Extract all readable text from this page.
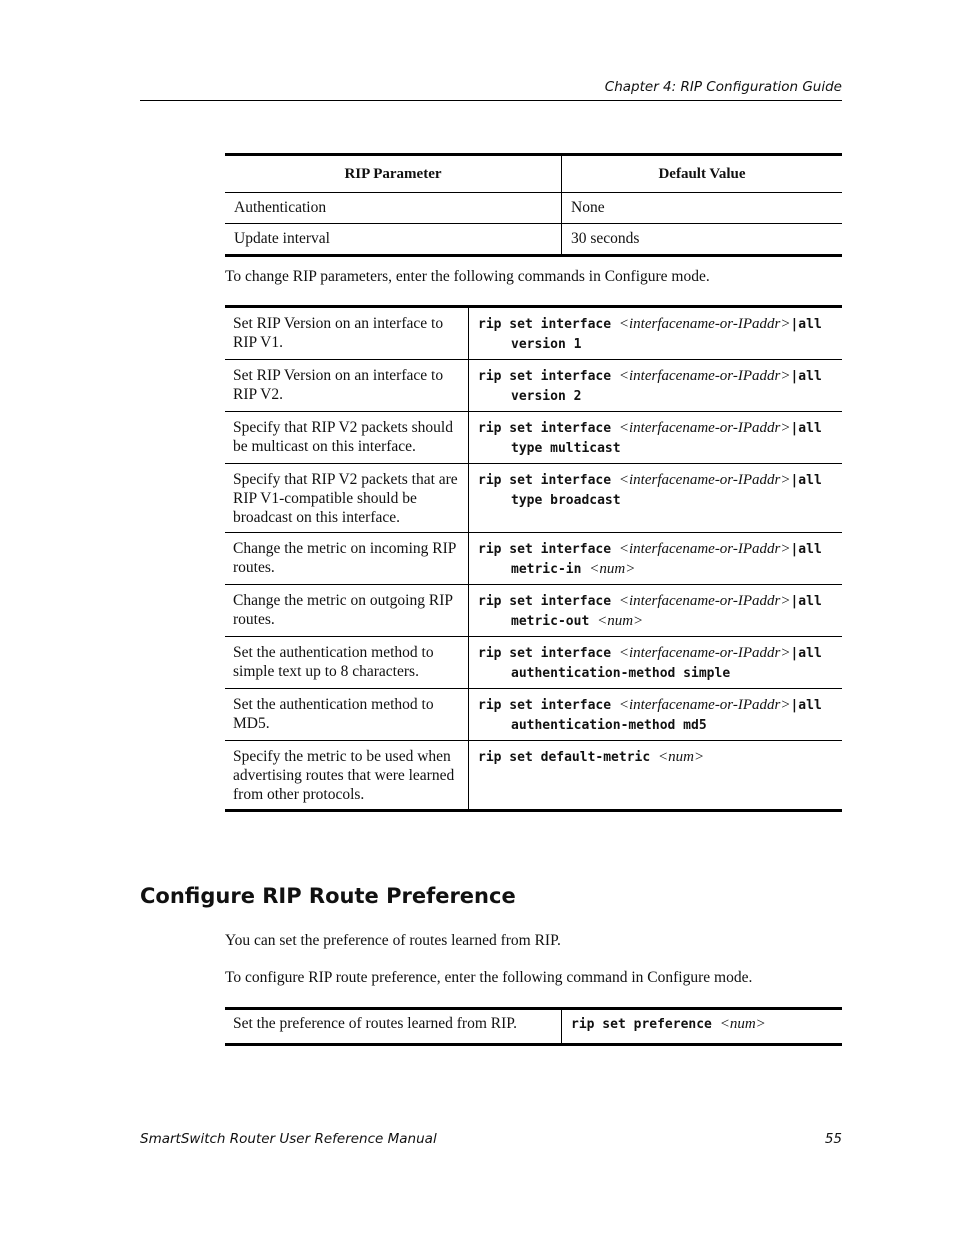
Chapter 4: RIP Configuration Guide
RIP Parameter	Default Value
Authentication	None
Update interval	30 seconds
To change RIP parameters, enter the following commands in Configure mode.
Set RIP Version on an interface to RIP V1.	rip set interface <interfacename-or-IPaddr>|all
version 1

Set RIP Version on an interface to RIP V2.	rip set interface <interfacename-or-IPaddr>|all
version 2

Specify that RIP V2 packets should be multicast on this interface.	rip set interface <interfacename-or-IPaddr>|all
type multicast

Specify that RIP V2 packets that are RIP V1-compatible should be broadcast on this interface.	rip set interface <interfacename-or-IPaddr>|all
type broadcast

Change the metric on incoming RIP routes.	rip set interface <interfacename-or-IPaddr>|all
metric-in <num>

Change the metric on outgoing RIP routes.	rip set interface <interfacename-or-IPaddr>|all
metric-out <num>

Set the authentication method to simple text up to 8 characters.	rip set interface <interfacename-or-IPaddr>|all
authentication-method simple

Set the authentication method to MD5.	rip set interface <interfacename-or-IPaddr>|all
authentication-method md5

Specify the metric to be used when advertising routes that were learned from other protocols.	rip set default-metric <num>
Configure RIP Route Preference
You can set the preference of routes learned from RIP.
To configure RIP route preference, enter the following command in Configure mode.
Set the preference of routes learned from RIP.	rip set preference <num>
SmartSwitch Router User Reference Manual	55
